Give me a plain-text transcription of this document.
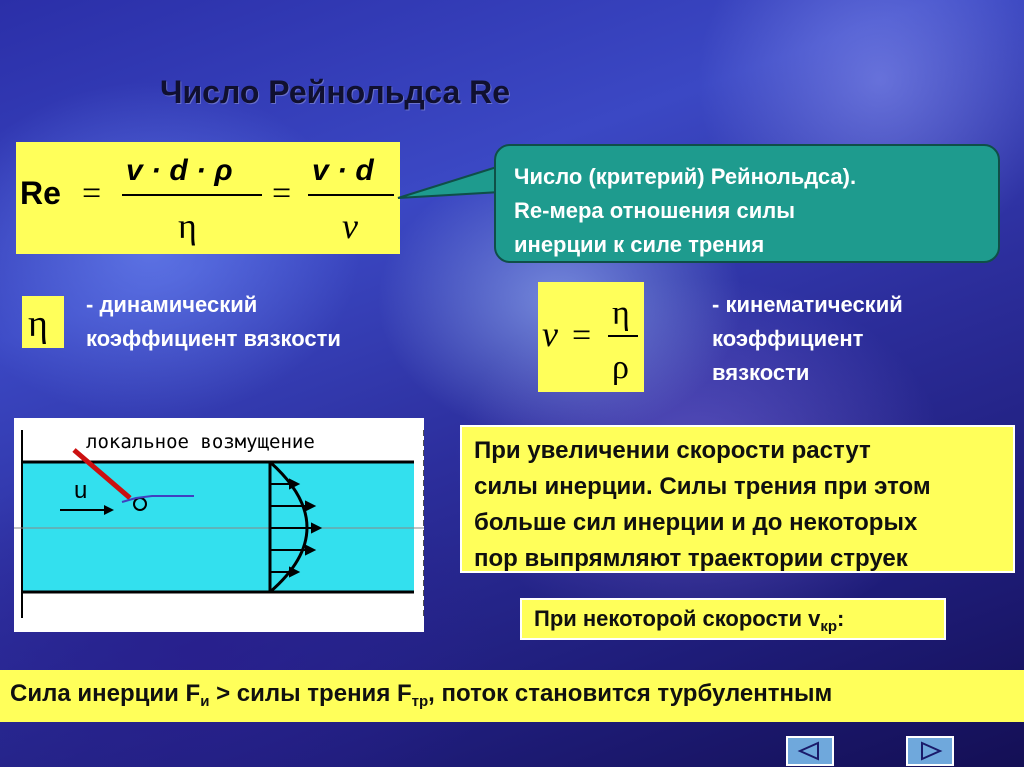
Число Рейнольдса Re
Re =
v · d · ρ
η
=
v · d
ν
Число (критерий) Рейнольдса).
Re-мера отношения силы
инерции к силе трения
η - динамический
коэффициент вязкости	ν =
η
ρ
- кинематический
коэффициент
вязкости
локальное возмущение
u
При увеличении скорости растут
силы инерции. Силы трения при этом
больше сил инерции и до некоторых
пор выпрямляют траектории струек
При некоторой скорости $v_{кр}$:
Сила инерции $F_и$ > силы трения $F_{тр}$, поток становится турбулентным
